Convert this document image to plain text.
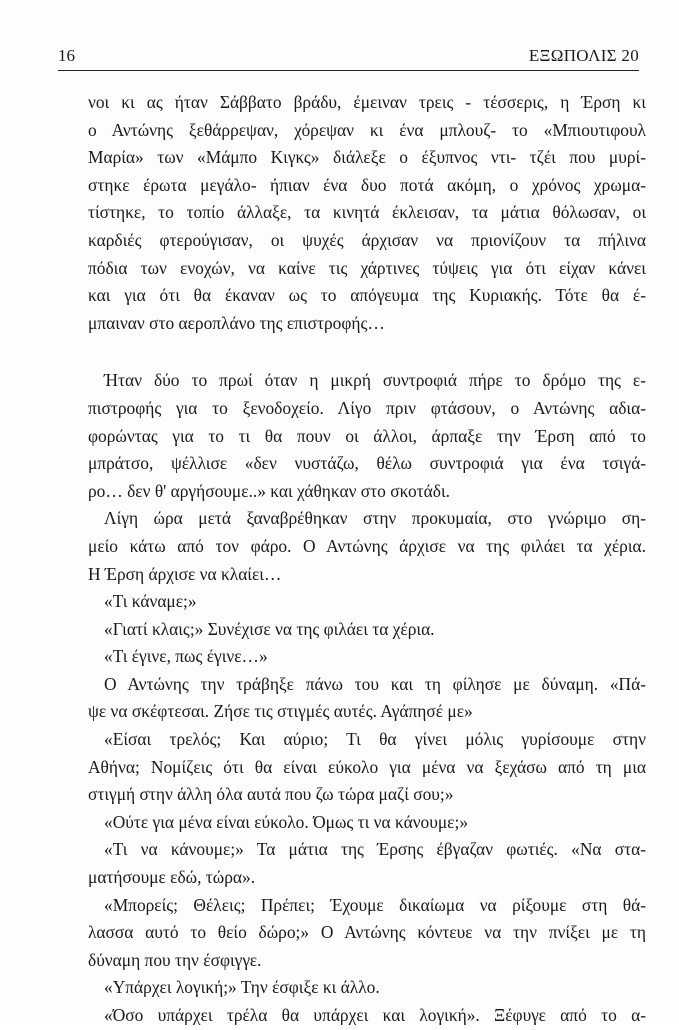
16	ΕΞΩΠΟΛΙΣ 20
νοι κι ας ήταν Σάββατο βράδυ, έμειναν τρεις - τέσσερις, η Έρση κι
ο Αντώνης ξεθάρρεψαν, χόρεψαν κι ένα μπλουζ- το «Μπιουτιφουλ
Μαρία» των «Μάμπο Κιγκς» διάλεξε ο έξυπνος ντι- τζέι που μυρί-
στηκε έρωτα μεγάλο- ήπιαν ένα δυο ποτά ακόμη, ο χρόνος χρωμα-
τίστηκε, το τοπίο άλλαξε, τα κινητά έκλεισαν, τα μάτια θόλωσαν, οι
καρδιές φτερούγισαν, οι ψυχές άρχισαν να πριονίζουν τα πήλινα
πόδια των ενοχών, να καίνε τις χάρτινες τύψεις για ότι είχαν κάνει
και για ότι θα έκαναν ως το απόγευμα της Κυριακής. Τότε θα έ-
μπαιναν στο αεροπλάνο της επιστροφής…
Ήταν δύο το πρωί όταν η μικρή συντροφιά πήρε το δρόμο της ε-
πιστροφής για το ξενοδοχείο. Λίγο πριν φτάσουν, ο Αντώνης αδια-
φορώντας για το τι θα πουν οι άλλοι, άρπαξε την Έρση από το
μπράτσο, ψέλλισε «δεν νυστάζω, θέλω συντροφιά για ένα τσιγά-
ρο… δεν θ' αργήσουμε..» και χάθηκαν στο σκοτάδι.
Λίγη ώρα μετά ξαναβρέθηκαν στην προκυμαία, στο γνώριμο ση-
μείο κάτω από τον φάρο. Ο Αντώνης άρχισε να της φιλάει τα χέρια.
Η Έρση άρχισε να κλαίει…
«Τι κάναμε;»
«Γιατί κλαις;» Συνέχισε να της φιλάει τα χέρια.
«Τι έγινε, πως έγινε…»
Ο Αντώνης την τράβηξε πάνω του και τη φίλησε με δύναμη. «Πά-
ψε να σκέφτεσαι. Ζήσε τις στιγμές αυτές. Αγάπησέ με»
«Είσαι τρελός; Και αύριο; Τι θα γίνει μόλις γυρίσουμε στην
Αθήνα; Νομίζεις ότι θα είναι εύκολο για μένα να ξεχάσω από τη μια
στιγμή στην άλλη όλα αυτά που ζω τώρα μαζί σου;»
«Ούτε για μένα είναι εύκολο. Όμως τι να κάνουμε;»
«Τι να κάνουμε;» Τα μάτια της Έρσης έβγαζαν φωτιές. «Να στα-
ματήσουμε εδώ, τώρα».
«Μπορείς; Θέλεις; Πρέπει; Έχουμε δικαίωμα να ρίξουμε στη θά-
λασσα αυτό το θείο δώρο;» Ο Αντώνης κόντευε να την πνίξει με τη
δύναμη που την έσφιγγε.
«Υπάρχει λογική;» Την έσφιξε κι άλλο.
«Όσο υπάρχει τρέλα θα υπάρχει και λογική». Ξέφυγε από το α-
